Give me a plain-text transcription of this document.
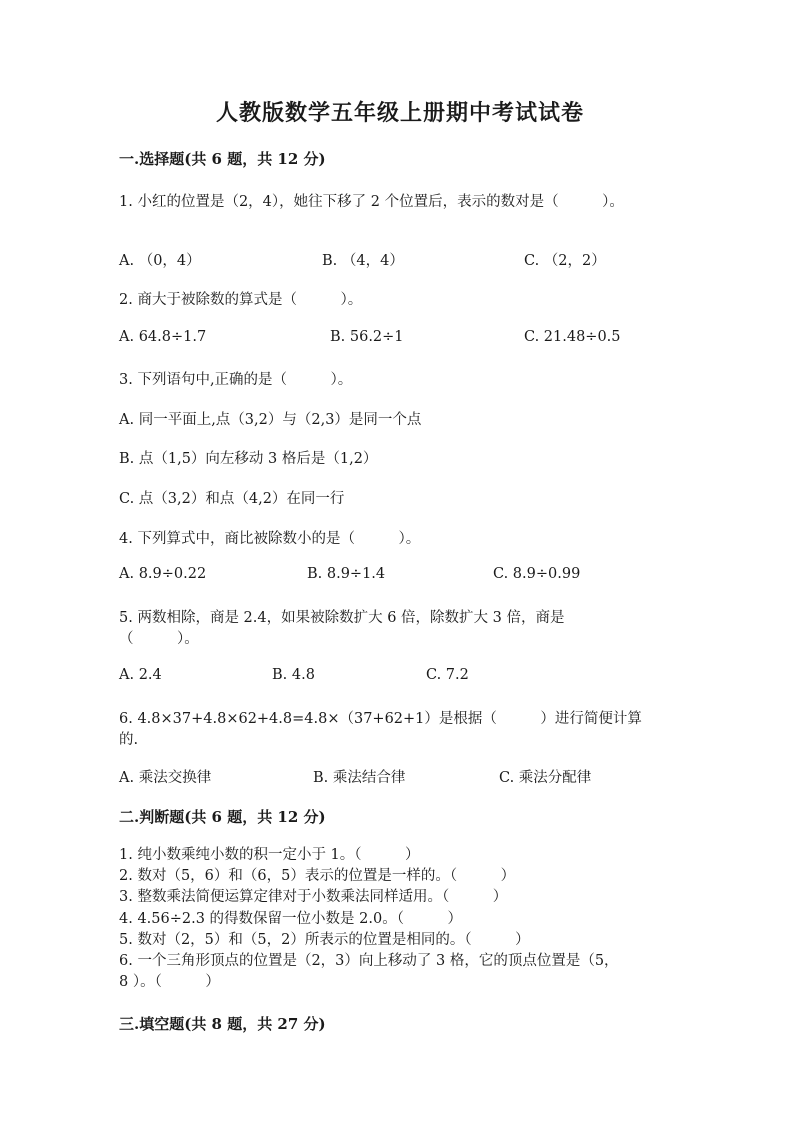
人教版数学五年级上册期中考试试卷
一.选择题(共 6 题，共 12 分)
1. 小红的位置是（2，4），她往下移了 2 个位置后，表示的数对是（　　　）。
A. （0，4）	B. （4，4）	C. （2，2）
2. 商大于被除数的算式是（　　　）。
A. 64.8÷1.7	B. 56.2÷1	C. 21.48÷0.5
3. 下列语句中,正确的是（　　　）。
A. 同一平面上,点（3,2）与（2,3）是同一个点
B. 点（1,5）向左移动 3 格后是（1,2）
C. 点（3,2）和点（4,2）在同一行
4. 下列算式中，商比被除数小的是（　　　）。
A. 8.9÷0.22	B. 8.9÷1.4	C. 8.9÷0.99
5. 两数相除，商是 2.4，如果被除数扩大 6 倍，除数扩大 3 倍，商是
（　　　）。
A. 2.4	B. 4.8	C. 7.2
6. 4.8×37+4.8×62+4.8=4.8×（37+62+1）是根据（　　　）进行简便计算
的.
A. 乘法交换律	B. 乘法结合律	C. 乘法分配律
二.判断题(共 6 题，共 12 分)
1. 纯小数乘纯小数的积一定小于 1。（　　　）
2. 数对（5，6）和（6，5）表示的位置是一样的。（　　　）
3. 整数乘法简便运算定律对于小数乘法同样适用。（　　　）
4. 4.56÷2.3 的得数保留一位小数是 2.0。（　　　）
5. 数对（2，5）和（5，2）所表示的位置是相同的。（　　　）
6. 一个三角形顶点的位置是（2，3）向上移动了 3 格，它的顶点位置是（5，
8 ）。（　　　）
三.填空题(共 8 题，共 27 分)
